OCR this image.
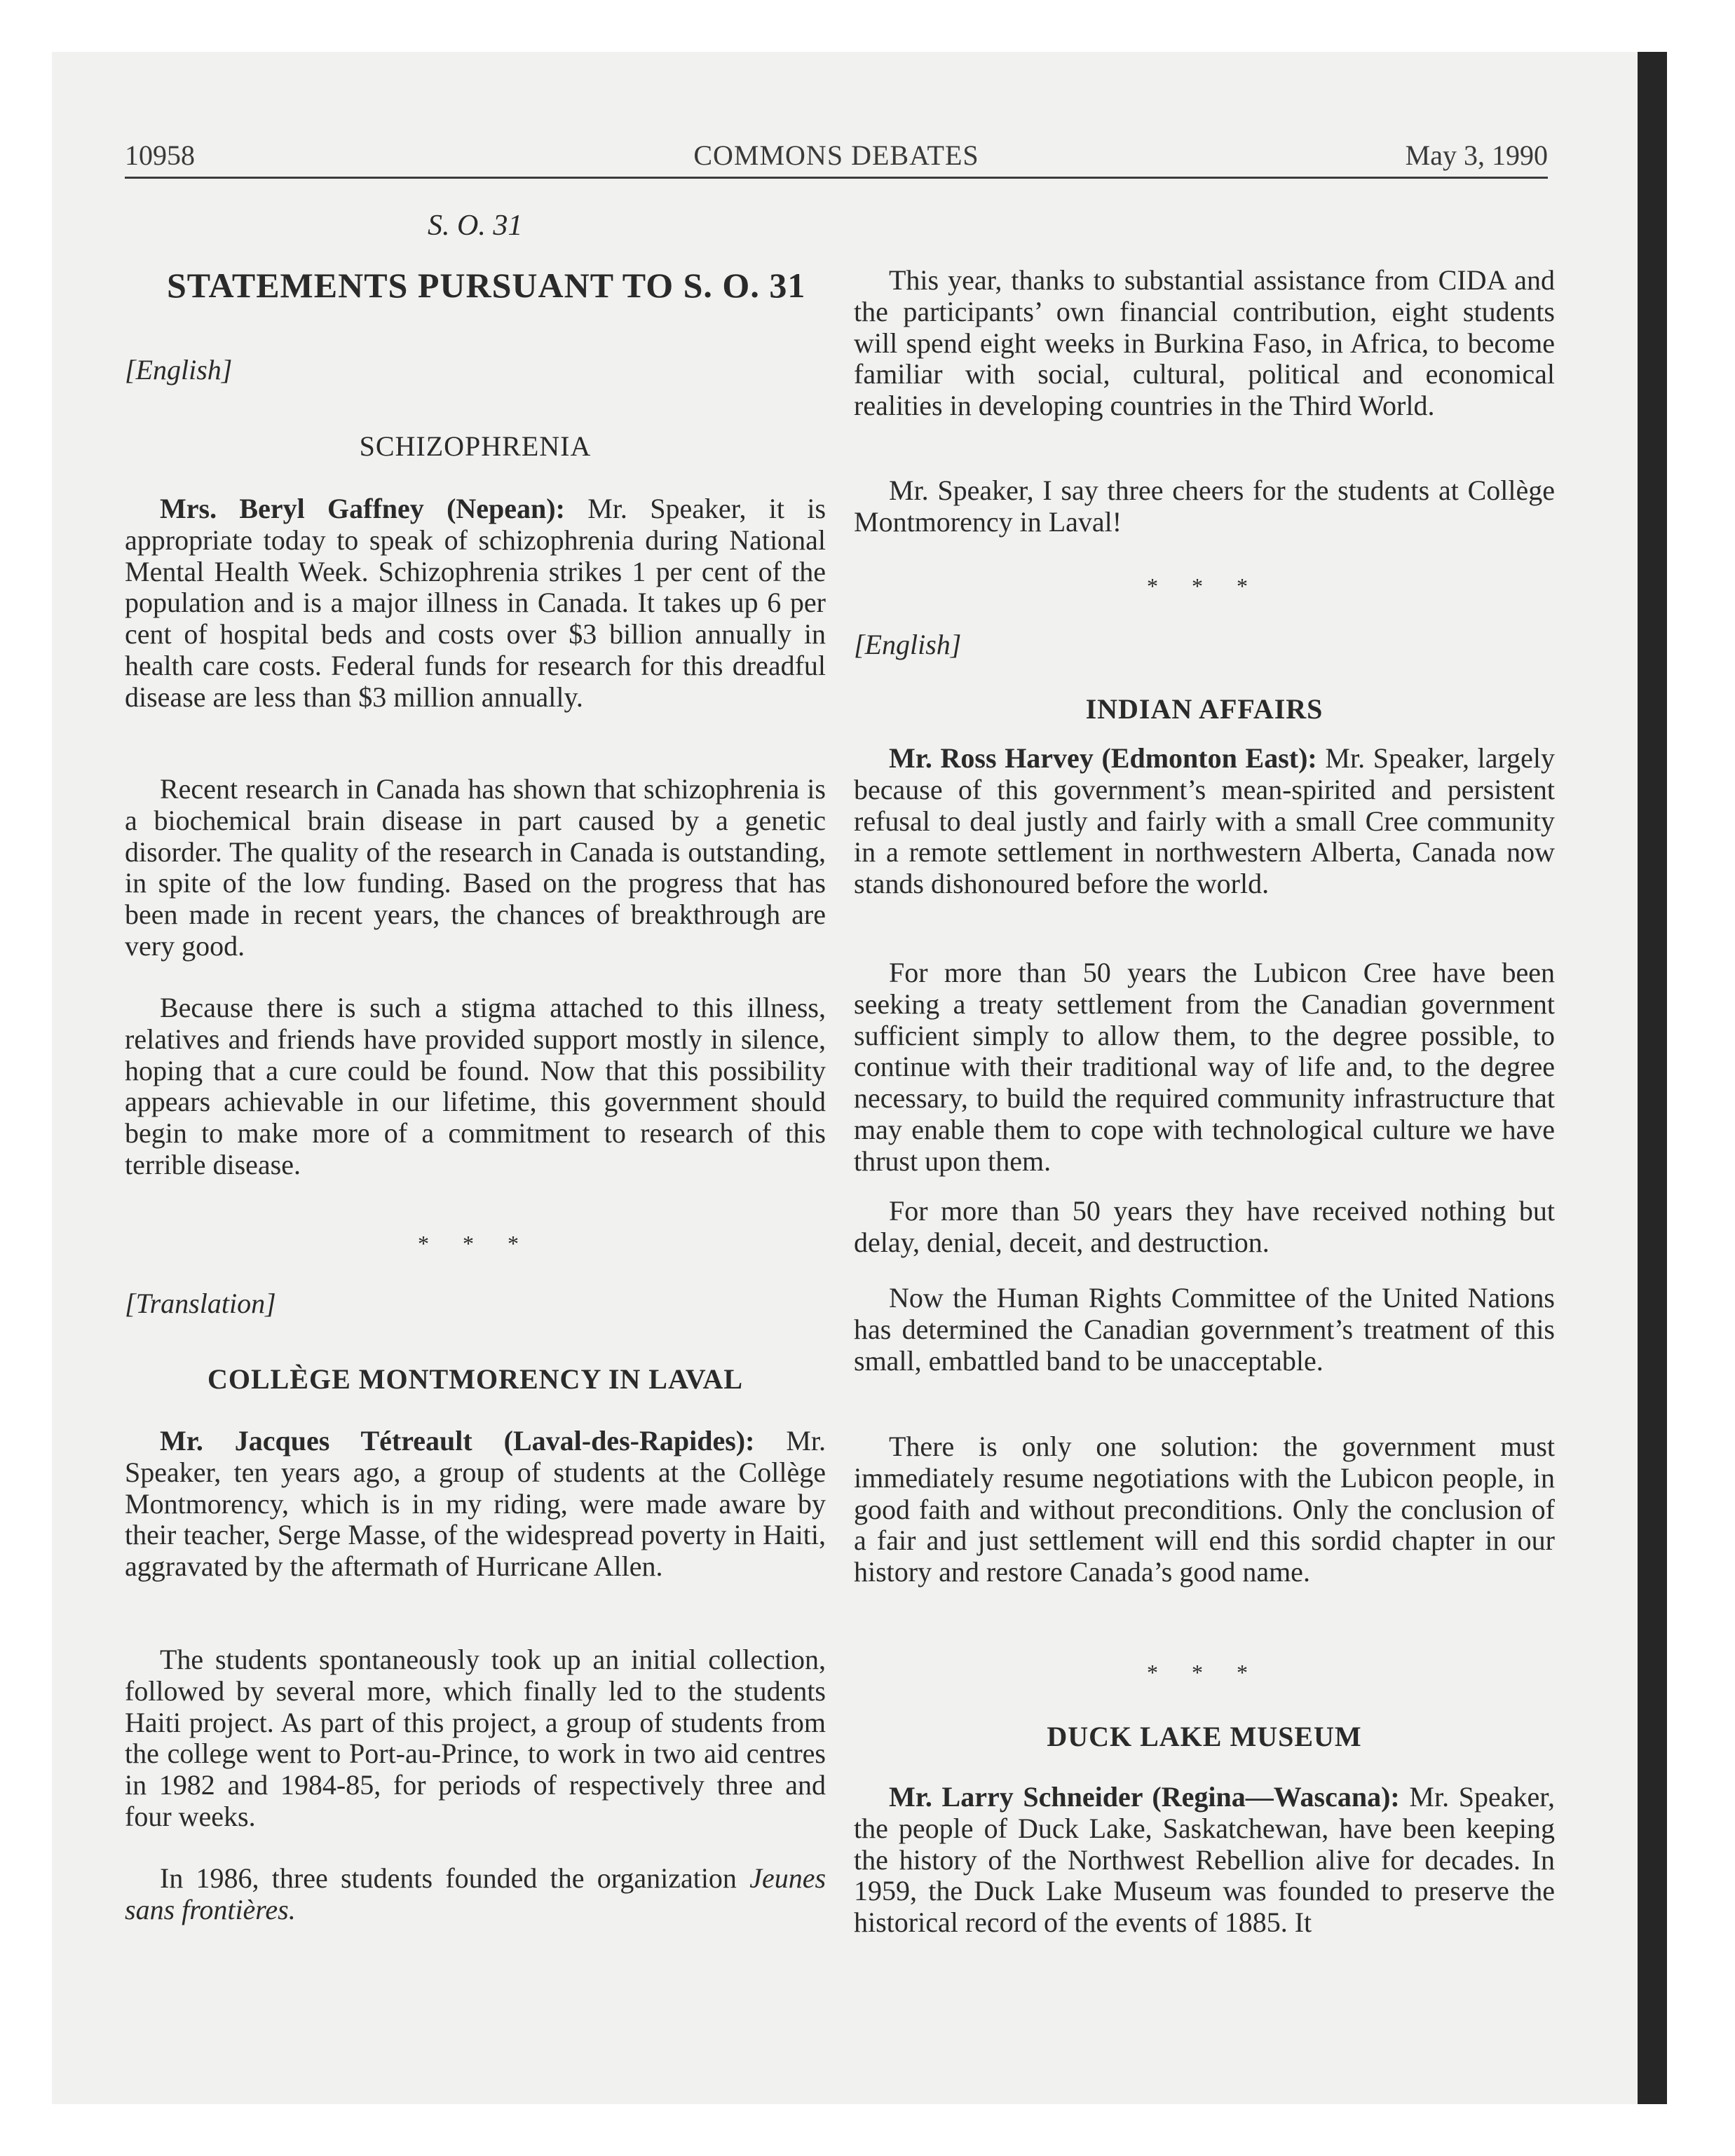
COMMONS DEBATES
10958	May 3, 1990
S. O. 31
STATEMENTS PURSUANT TO S. O. 31
[English]
SCHIZOPHRENIA

Mrs. Beryl Gaffney (Nepean): Mr. Speaker, it is appropriate today to speak of schizophrenia during National Mental Health Week. Schizophrenia strikes 1 per cent of the population and is a major illness in Canada. It takes up 6 per cent of hospital beds and costs over $3 billion annually in health care costs. Federal funds for research for this dreadful disease are less than $3 million annually.

Recent research in Canada has shown that schizophrenia is a biochemical brain disease in part caused by a genetic disorder. The quality of the research in Canada is outstanding, in spite of the low funding. Based on the progress that has been made in recent years, the chances of breakthrough are very good.

Because there is such a stigma attached to this illness, relatives and friends have provided support mostly in silence, hoping that a cure could be found. Now that this possibility appears achievable in our lifetime, this government should begin to make more of a commitment to research of this terrible disease.

* * *
[Translation]
COLLÈGE MONTMORENCY IN LAVAL

Mr. Jacques Tétreault (Laval-des-Rapides): Mr. Speaker, ten years ago, a group of students at the Collège Montmorency, which is in my riding, were made aware by their teacher, Serge Masse, of the widespread poverty in Haiti, aggravated by the aftermath of Hurricane Allen.

The students spontaneously took up an initial collection, followed by several more, which finally led to the students Haiti project. As part of this project, a group of students from the college went to Port-au-Prince, to work in two aid centres in 1982 and 1984-85, for periods of respectively three and four weeks.

In 1986, three students founded the organization Jeunes sans frontières.

This year, thanks to substantial assistance from CIDA and the participants’ own financial contribution, eight students will spend eight weeks in Burkina Faso, in Africa, to become familiar with social, cultural, political and economical realities in developing countries in the Third World.

Mr. Speaker, I say three cheers for the students at Collège Montmorency in Laval!

* * *
[English]
INDIAN AFFAIRS

Mr. Ross Harvey (Edmonton East): Mr. Speaker, largely because of this government’s mean-spirited and persistent refusal to deal justly and fairly with a small Cree community in a remote settlement in northwestern Alberta, Canada now stands dishonoured before the world.

For more than 50 years the Lubicon Cree have been seeking a treaty settlement from the Canadian government sufficient simply to allow them, to the degree possible, to continue with their traditional way of life and, to the degree necessary, to build the required community infrastructure that may enable them to cope with technological culture we have thrust upon them.

For more than 50 years they have received nothing but delay, denial, deceit, and destruction.

Now the Human Rights Committee of the United Nations has determined the Canadian government’s treatment of this small, embattled band to be unacceptable.

There is only one solution: the government must immediately resume negotiations with the Lubicon people, in good faith and without preconditions. Only the conclusion of a fair and just settlement will end this sordid chapter in our history and restore Canada’s good name.

* * *
DUCK LAKE MUSEUM

Mr. Larry Schneider (Regina—Wascana): Mr. Speaker, the people of Duck Lake, Saskatchewan, have been keeping the history of the Northwest Rebellion alive for decades. In 1959, the Duck Lake Museum was founded to preserve the historical record of the events of 1885. It
